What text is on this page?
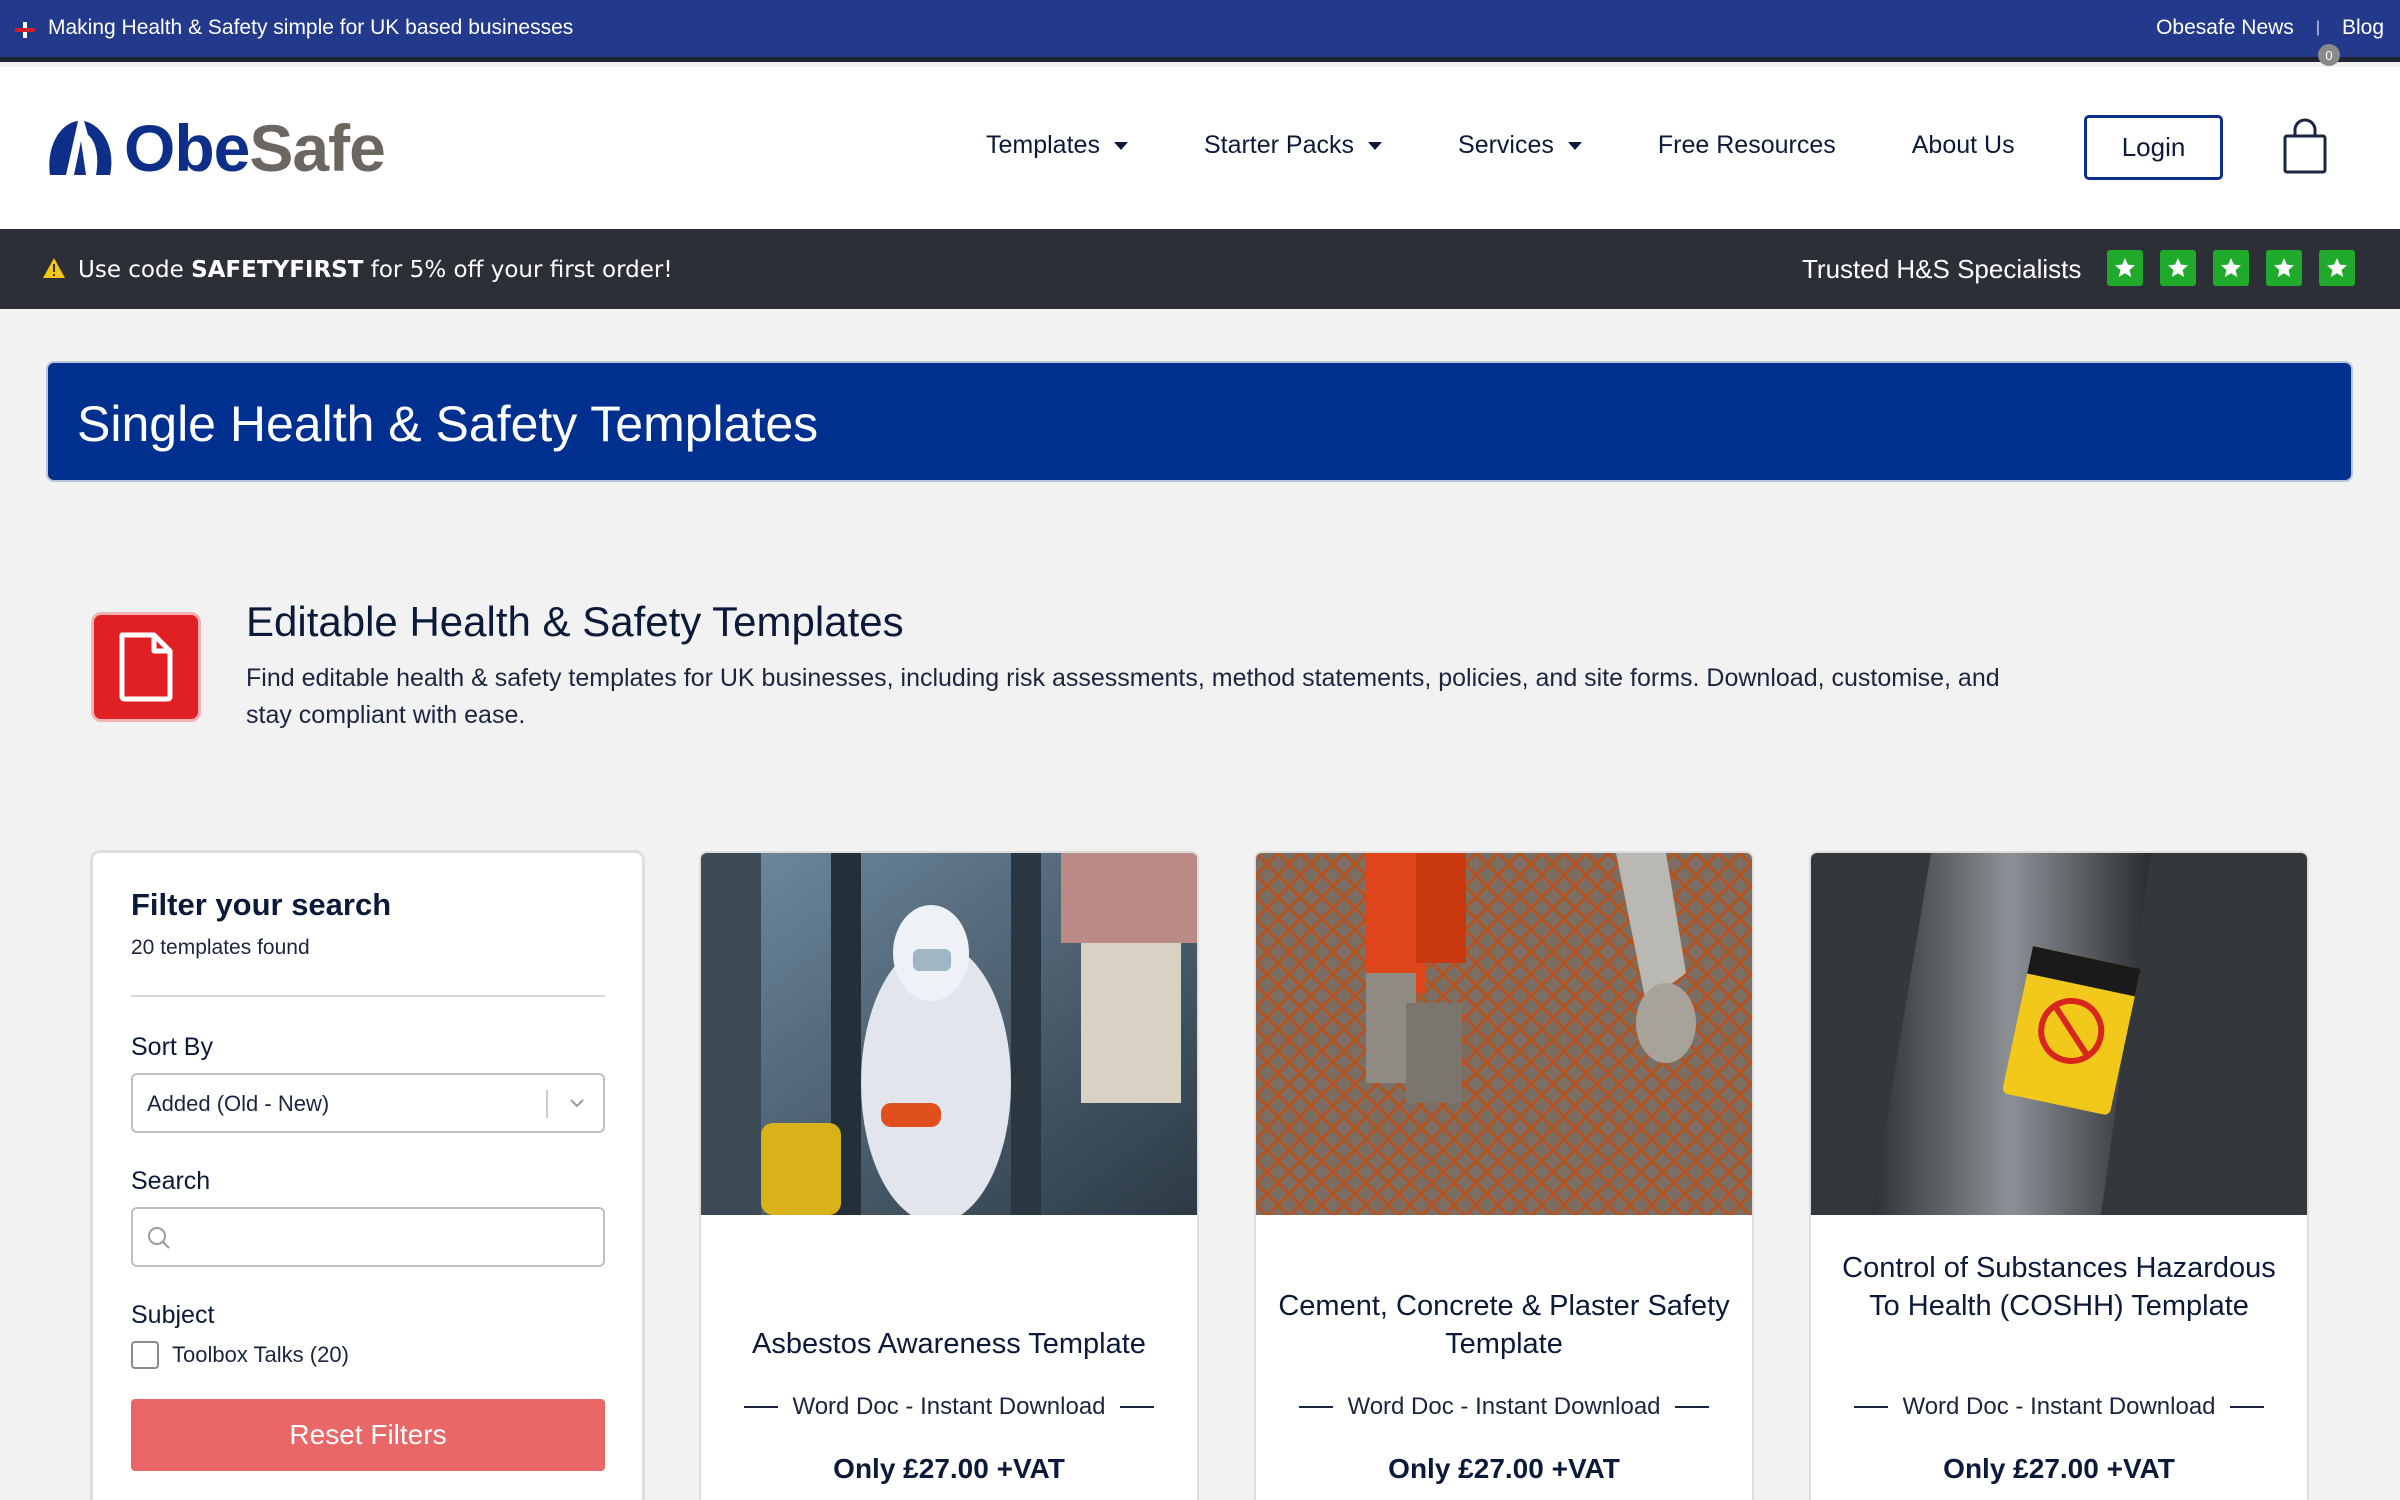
Making Health & Safety simple for UK based businesses	Obesafe News | Blog
ObeSafe	Templates	Starter Packs	Services	Free Resources	About Us	Login
0
Use code SAFETYFIRST for 5% off your first order!	Trusted H&S Specialists
Single Health & Safety Templates
Editable Health & Safety Templates

Find editable health & safety templates for UK businesses, including risk assessments, method statements, policies, and site forms. Download, customise, and stay compliant with ease.

Filter your search
20 templates found
Sort By
Added (Old - New)
Search
Subject
Toolbox Talks (20)
Reset Filters
Asbestos Awareness Template
Word Doc - Instant Download
Only £27.00 +VAT
Cement, Concrete & Plaster Safety Template
Word Doc - Instant Download
Only £27.00 +VAT
Control of Substances Hazardous To Health (COSHH) Template
Word Doc - Instant Download
Only £27.00 +VAT
